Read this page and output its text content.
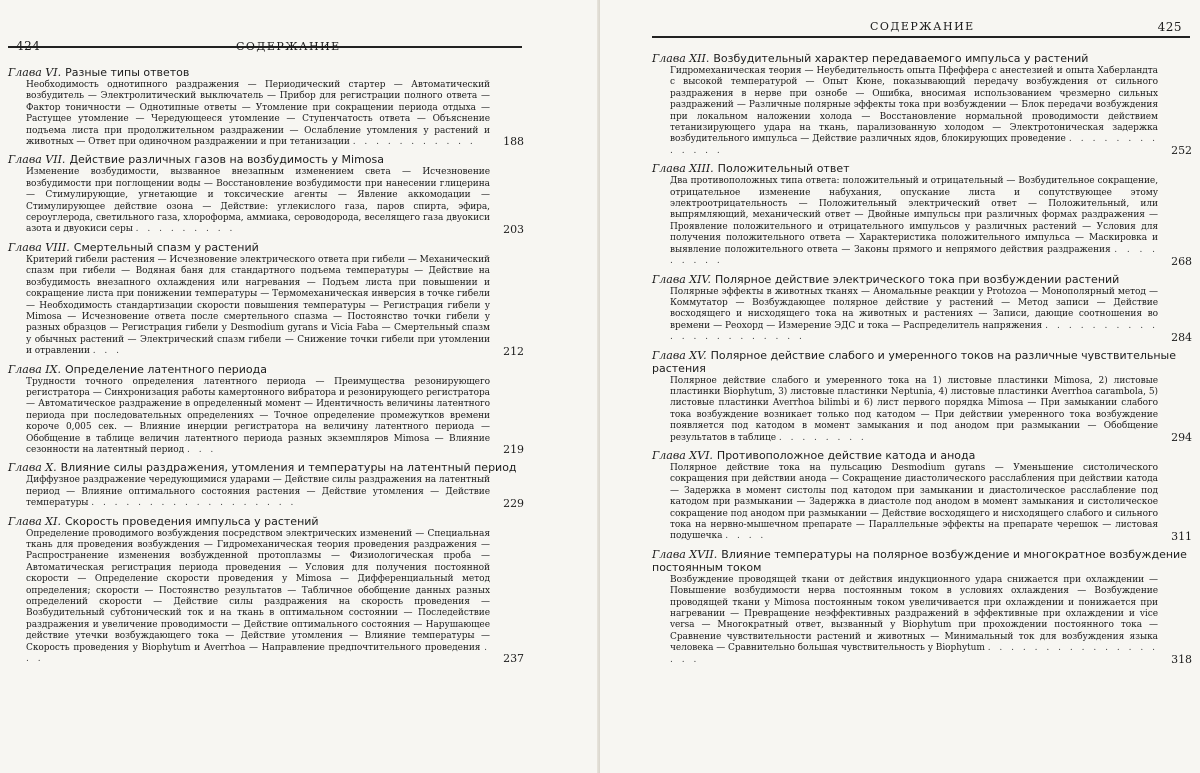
424	СОДЕРЖАНИЕ
Глава VI. Разные типы ответов
Необходимость однотипного раздражения — Периодический стартер — Автоматический возбудитель — Электролитический выключатель — Прибор для регистрации полного ответа — Фактор тоничности — Однотипные ответы — Утомление при сокращении периода отдыха — Растущее утомление — Чередующееся утомление — Ступенчатость ответа — Объяснение подъема листа при продолжительном раздражении — Ослабление утомления у растений и животных — Ответ при одиночном раздражении и при тетанизации . . . . . . . . . . . 188
Глава VII. Действие различных газов на возбудимость у Mimosa
Изменение возбудимости, вызванное внезапным изменением света — Исчезновение возбудимости при поглощении воды — Восстановление возбудимости при нанесении глицерина — Стимулирующие, угнетающие и токсические агенты — Явление аккомодации — Стимулирующее действие озона — Действие: углекислого газа, паров спирта, эфира, сероуглерода, светильного газа, хлороформа, аммиака, сероводорода, веселящего газа двуокиси азота и двуокиси серы . . . . . . . . .	203
Глава VIII. Смертельный спазм у растений
Критерий гибели растения — Исчезновение электрического ответа при гибели — Механический спазм при гибели — Водяная баня для стандартного подъема температуры — Действие на возбудимость внезапного охлаждения или нагревания — Подъем листа при повышении и сокращение листа при понижении температуры — Термомеханическая инверсия в точке гибели — Необходимость стандартизации скорости повышения температуры — Регистрация гибели у Mimosa — Исчезновение ответа после смертельного спазма — Постоянство точки гибели у разных образцов — Регистрация гибели у Desmodium gyrans и Vicia Faba — Смертельный спазм у обычных растений — Электрический спазм гибели — Снижение точки гибели при утомлении и отравлении . . .	212
Глава IX. Определение латентного периода
Трудности точного определения латентного периода — Преимущества резонирующего регистратора — Синхронизация работы камертонного вибратора и резонирующего регистратора — Автоматическое раздражение в определенный момент — Идентичность величины латентного периода при последовательных определениях — Точное определение промежутков времени короче 0,005 сек. — Влияние инерции регистратора на величину латентного периода — Обобщение в таблице величин латентного периода разных экземпляров Mimosa — Влияние сезонности на латентный период . . .	219
Глава X. Влияние силы раздражения, утомления и температуры на латентный период
Диффузное раздражение чередующимися ударами — Действие силы раздражения на латентный период — Влияние оптимального состояния растения — Действие утомления — Действие температуры . . . . . . . . . . . . . . . . . .	229
Глава XI. Скорость проведения импульса у растений
Определение проводимого возбуждения посредством электрических изменений — Специальная ткань для проведения возбуждения — Гидромеханическая теория проведения раздражения — Распространение изменения возбужденной протоплазмы — Физиологическая проба — Автоматическая регистрация периода проведения — Условия для получения постоянной скорости — Определение скорости проведения у Mimosa — Дифференциальный метод определения; скорости — Постоянство результатов — Табличное обобщение данных разных определений скорости — Действие силы раздражения на скорость проведения — Возбудительный субтонический ток и на ткань в оптимальном состоянии — Последействие раздражения и увеличение проводимости — Действие оптимального состояния — Нарушающее действие утечки возбуждающего тока — Действие утомления — Влияние температуры — Скорость проведения у Biophytum и Averrhoa — Направление предпочтительного проведения . . .	237
СОДЕРЖАНИЕ	425
Глава XII. Возбудительный характер передаваемого импульса у растений
Гидромеханическая теория — Неубедительность опыта Пфеффера с анестезией и опыта Хаберландта с высокой температурой — Опыт Кюне, показывающий передачу возбуждения от сильного раздражения в нерве при ознобе — Ошибка, вносимая использованием чрезмерно сильных раздражений — Различные полярные эффекты тока при возбуждении — Блок передачи возбуждения при локальном наложении холода — Восстановление нормальной проводимости действием тетанизирующего удара на ткань, парализованную холодом — Электротоническая задержка возбудительного импульса — Действие различных ядов, блокирующих проведение . . . . . . . . . . . . .	252
Глава XIII. Положительный ответ
Два противоположных типа ответа: положительный и отрицательный — Возбудительное сокращение, отрицательное изменение набухания, опускание листа и сопутствующее этому электроотрицательность — Положительный электрический ответ — Положительный, или выпрямляющий, механический ответ — Двойные импульсы при различных формах раздражения — Проявление положительного и отрицательного импульсов у различных растений — Условия для получения положительного ответа — Характеристика положительного импульса — Маскировка и выявление положительного ответа — Законы прямого и непрямого действия раздражения . . . . . . . . .	268
Глава XIV. Полярное действие электрического тока при возбуждении растений
Полярные эффекты в животных тканях — Аномальные реакции у Protozoa — Монополярный метод — Коммутатор — Возбуждающее полярное действие у растений — Метод записи — Действие восходящего и нисходящего тока на животных и растениях — Записи, дающие соотношения во времени — Реохорд — Измерение ЭДС и тока — Распределитель напряжения . . . . . . . . . . . . . . . . . . . . . .	284
Глава XV. Полярное действие слабого и умеренного токов на различные чувствительные растения
Полярное действие слабого и умеренного тока на 1) листовые пластинки Mimosa, 2) листовые пластинки Biophytum, 3) листовые пластинки Neptunia, 4) листовые пластинки Averrhoa carambola, 5) листовые пластинки Averrhoa bilimbi и 6) лист первого порядка Mimosa — При замыкании слабого тока возбуждение возникает только под катодом — При действии умеренного тока возбуждение появляется под катодом в момент замыкания и под анодом при размыкании — Обобщение результатов в таблице . . . . . . . .	294
Глава XVI. Противоположное действие катода и анода
Полярное действие тока на пульсацию Desmodium gyrans — Уменьшение систолического сокращения при действии анода — Сокращение диастолического расслабления при действии катода — Задержка в момент систолы под катодом при замыкании и диастолическое расслабление под катодом при размыкании — Задержка в диастоле под анодом в момент замыкания и систолическое сокращение под анодом при размыкании — Действие восходящего и нисходящего слабого и сильного тока на нервно-мышечном препарате — Параллельные эффекты на препарате черешок — листовая подушечка . . . .	311
Глава XVII. Влияние температуры на полярное возбуждение и многократное возбуждение постоянным током
Возбуждение проводящей ткани от действия индукционного удара снижается при охлаждении — Повышение возбудимости нерва постоянным током в условиях охлаждения — Возбуждение проводящей ткани у Mimosa постоянным током увеличивается при охлаждении и понижается при нагревании — Превращение неэффективных раздражений в эффективные при охлаждении и vice versa — Многократный ответ, вызванный у Biophytum при прохождении постоянного тока — Сравнение чувствительности растений и животных — Минимальный ток для возбуждения языка человека — Сравнительно большая чувствительность у Biophytum . . . . . . . . . . . . . . . . . .	318
